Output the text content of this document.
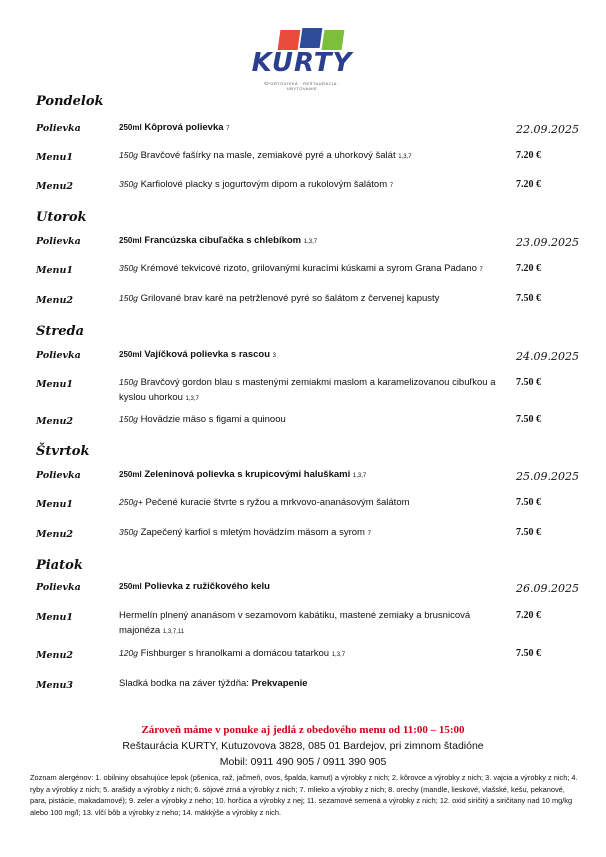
KURTY
ŠPORTOVISKÁ · REŠTAURÁCIA · UBYTOVANIE
Pondelok
22.09.2025
Polievka	250ml Kôprová polievka 7
Menu1	150g Bravčové fašírky na masle, zemiakové pyré a uhorkový šalát 1,3,7	7.20 €
Menu2	350g Karfiolové placky s jogurtovým dipom a rukolovým šalátom 7	7.20 €
Utorok
23.09.2025
Polievka	250ml Francúzska cibuľačka s chlebíkom 1,3,7
Menu1	350g Krémové tekvicové rizoto, grilovanými kuracími kúskami a syrom Grana Padano 7	7.20 €
Menu2	150g Grilované brav karé na petržlenové pyré so šalátom z červenej kapusty	7.50 €
Streda
24.09.2025
Polievka	250ml Vajíčková polievka s rascou 3
Menu1	150g Bravčový gordon blau s mastenými zemiakmi maslom a karamelizovanou cibuľkou a kyslou uhorkou 1,3,7
7.50 €
Menu2	150g Hovädzie mäso s figami a quinoou	7.50 €
Štvrtok
25.09.2025
Polievka	250ml Zeleninová polievka s krupicovými haluškami 1,3,7
Menu1	250g+ Pečené kuracie štvrte s ryžou a mrkvovo-ananásovým šalátom	7.50 €
Menu2	350g Zapečený karfiol s mletým hovädzím mäsom a syrom 7	7.50 €
Piatok
26.09.2025
Polievka	250ml Polievka z ružičkového kelu
Menu1	Hermelín plnený ananásom v sezamovom kabátiku, mastené zemiaky a brusnicová majonéza 1,3,7,11
7.20 €
Menu2	120g Fishburger s hranolkami a domácou tatarkou 1,3,7	7.50 €
Menu3	Sladká bodka na záver týždňa: Prekvapenie
Zároveň máme v ponuke aj jedlá z obedového menu od 11:00 – 15:00
Reštaurácia KURTY, Kutuzovova 3828, 085 01 Bardejov, pri zimnom štadióne
Mobil: 0911 490 905 / 0911 390 905
Zoznam alergénov: 1. obilniny obsahujúce lepok (pšenica, raž, jačmeň, ovos, špalda, kamut) a výrobky z nich; 2. kôrovce a výrobky z nich; 3. vajcia a výrobky z nich; 4. ryby a výrobky z nich; 5. arašidy a výrobky z nich; 6. sójové zrná a výrobky z nich; 7. mlieko a výrobky z nich; 8. orechy (mandle, lieskové, vlašské, kešu, pekanové, para, pistácie, makadamové); 9. zeler a výrobky z neho; 10. horčica a výrobky z nej; 11. sezamové semená a výrobky z nich; 12. oxid siričitý a siričitany nad 10 mg/kg alebo 100 mg/l; 13. vlčí bôb a výrobky z neho; 14. mäkkýše a výrobky z nich.
